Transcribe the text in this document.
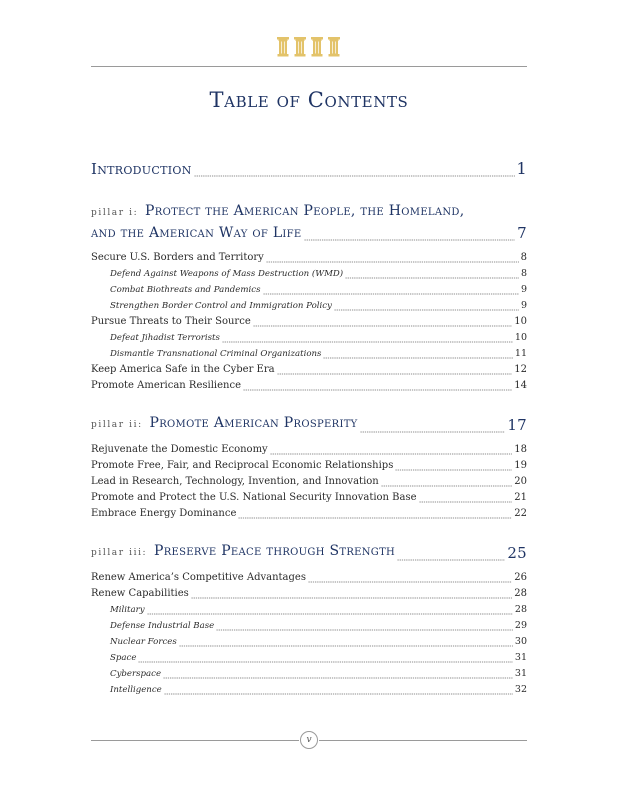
Table of Contents
Introduction	1
pillar i: Protect the American People, the Homeland,
and the American Way of Life	7
Secure U.S. Borders and Territory	8
Defend Against Weapons of Mass Destruction (WMD)	8
Combat Biothreats and Pandemics	9
Strengthen Border Control and Immigration Policy	9
Pursue Threats to Their Source	10
Defeat Jihadist Terrorists	10
Dismantle Transnational Criminal Organizations	11
Keep America Safe in the Cyber Era	12
Promote American Resilience	14
pillar ii: Promote American Prosperity	17
Rejuvenate the Domestic Economy	18
Promote Free, Fair, and Reciprocal Economic Relationships	19
Lead in Research, Technology, Invention, and Innovation	20
Promote and Protect the U.S. National Security Innovation Base	21
Embrace Energy Dominance	22
pillar iii: Preserve Peace through Strength	25
Renew America’s Competitive Advantages	26
Renew Capabilities	28
Military	28
Defense Industrial Base	29
Nuclear Forces	30
Space	31
Cyberspace	31
Intelligence	32
v
